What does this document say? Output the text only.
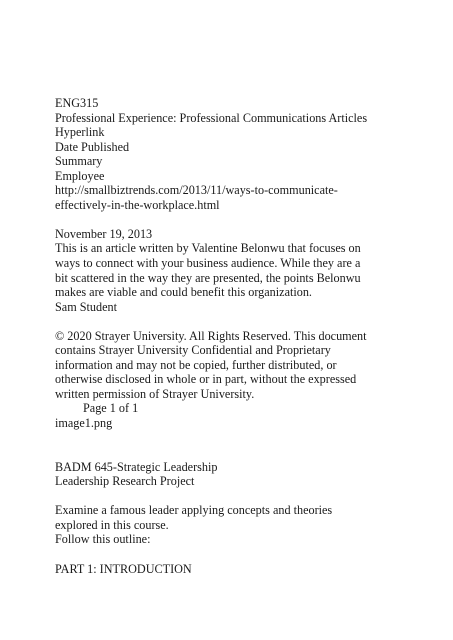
ENG315
Professional Experience: Professional Communications Articles
Hyperlink
Date Published
Summary
Employee
http://smallbiztrends.com/2013/11/ways-to-communicate-
effectively-in-the-workplace.html
November 19, 2013
This is an article written by Valentine Belonwu that focuses on
ways to connect with your business audience. While they are a
bit scattered in the way they are presented, the points Belonwu
makes are viable and could benefit this organization.
Sam Student
© 2020 Strayer University. All Rights Reserved. This document
contains Strayer University Confidential and Proprietary
information and may not be copied, further distributed, or
otherwise disclosed in whole or in part, without the expressed
written permission of Strayer University.
Page 1 of 1
image1.png
BADM 645-Strategic Leadership
Leadership Research Project
Examine a famous leader applying concepts and theories
explored in this course.
Follow this outline:
PART 1: INTRODUCTION
